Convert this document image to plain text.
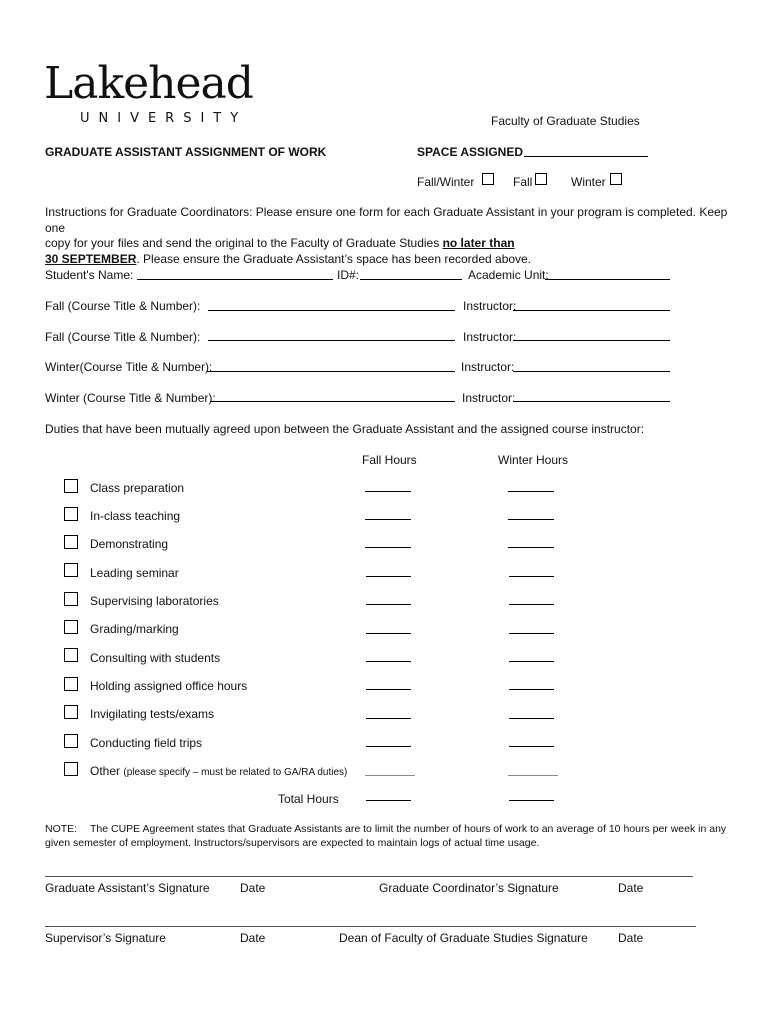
Lakehead
UNIVERSITY	Faculty of Graduate Studies
GRADUATE ASSISTANT ASSIGNMENT OF WORK	SPACE ASSIGNED
Fall/Winter	Fall	Winter
Instructions for Graduate Coordinators: Please ensure one form for each Graduate Assistant in your program is completed. Keep one
copy for your files and send the original to the Faculty of Graduate Studies no later than
30 SEPTEMBER. Please ensure the Graduate Assistant’s space has been recorded above.
Student's Name:	ID#:	Academic Unit:
Fall (Course Title & Number):	Instructor:
Fall (Course Title & Number):	Instructor:
Winter(Course Title & Number):	Instructor:
Winter (Course Title & Number):	Instructor:
Duties that have been mutually agreed upon between the Graduate Assistant and the assigned course instructor:
Fall Hours	Winter Hours
Class preparation
In-class teaching
Demonstrating
Leading seminar
Supervising laboratories
Grading/marking
Consulting with students
Holding assigned office hours
Invigilating tests/exams
Conducting field trips
Other (please specify – must be related to GA/RA duties)
Total Hours
NOTE: The CUPE Agreement states that Graduate Assistants are to limit the number of hours of work to an average of 10 hours per week in any
given semester of employment. Instructors/supervisors are expected to maintain logs of actual time usage.
Graduate Assistant’s Signature	Date	Graduate Coordinator’s Signature	Date
Supervisor’s Signature	Date	Dean of Faculty of Graduate Studies Signature	Date
